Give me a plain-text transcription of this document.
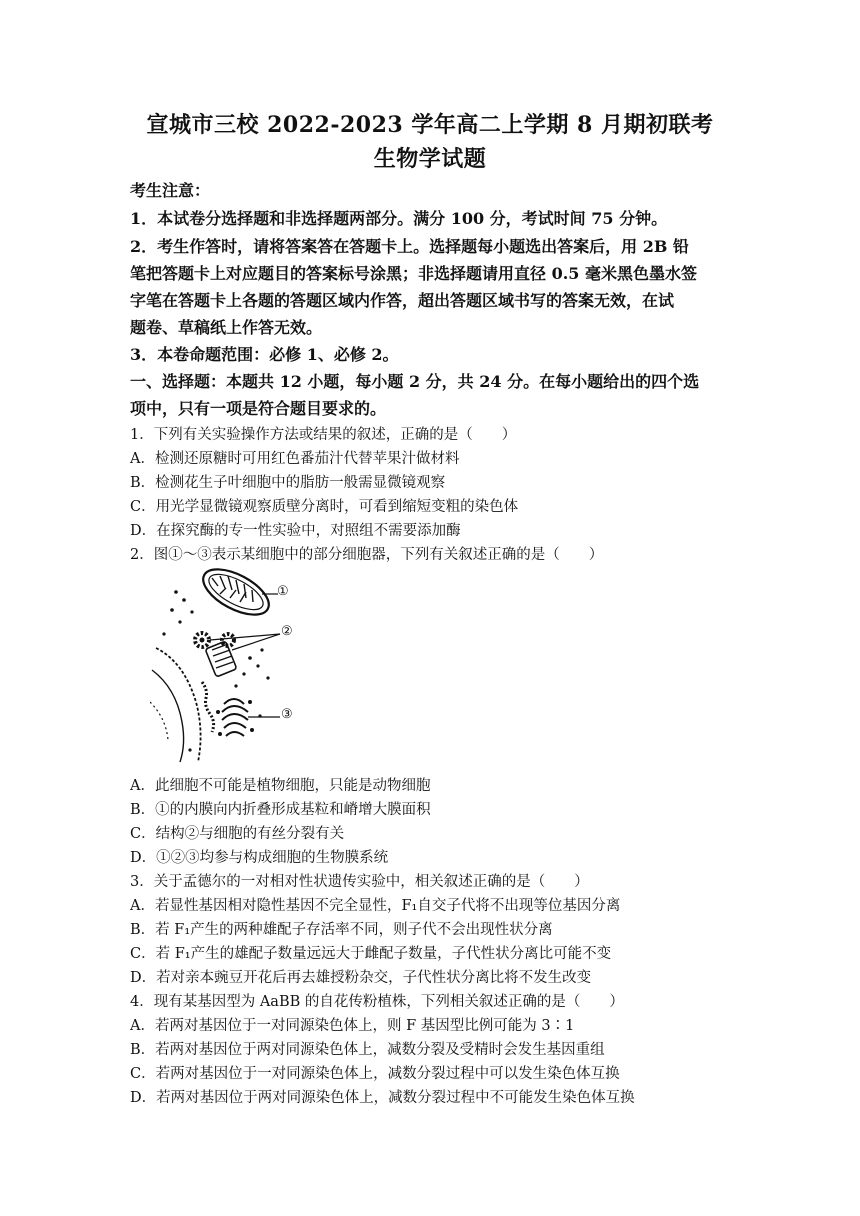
宣城市三校 2022-2023 学年高二上学期 8 月期初联考
生物学试题
考生注意：
1．本试卷分选择题和非选择题两部分。满分 100 分，考试时间 75 分钟。
2．考生作答时，请将答案答在答题卡上。选择题每小题选出答案后，用 2B 铅
笔把答题卡上对应题目的答案标号涂黑；非选择题请用直径 0.5 毫米黑色墨水签
字笔在答题卡上各题的答题区域内作答，超出答题区域书写的答案无效，在试
题卷、草稿纸上作答无效。
3．本卷命题范围：必修 1、必修 2。
一、选择题：本题共 12 小题，每小题 2 分，共 24 分。在每小题给出的四个选
项中，只有一项是符合题目要求的。
1．下列有关实验操作方法或结果的叙述，正确的是（　　）
A．检测还原糖时可用红色番茄汁代替苹果汁做材料
B．检测花生子叶细胞中的脂肪一般需显微镜观察
C．用光学显微镜观察质壁分离时，可看到缩短变粗的染色体
D．在探究酶的专一性实验中，对照组不需要添加酶
2．图①～③表示某细胞中的部分细胞器，下列有关叙述正确的是（　　）
①
②
③
A．此细胞不可能是植物细胞，只能是动物细胞
B．①的内膜向内折叠形成基粒和嵴增大膜面积
C．结构②与细胞的有丝分裂有关
D．①②③均参与构成细胞的生物膜系统
3．关于孟德尔的一对相对性状遗传实验中，相关叙述正确的是（　　）
A．若显性基因相对隐性基因不完全显性，F₁自交子代将不出现等位基因分离
B．若 F₁产生的两种雄配子存活率不同，则子代不会出现性状分离
C．若 F₁产生的雄配子数量远远大于雌配子数量，子代性状分离比可能不变
D．若对亲本豌豆开花后再去雄授粉杂交，子代性状分离比将不发生改变
4．现有某基因型为 AaBB 的自花传粉植株，下列相关叙述正确的是（　　）
A．若两对基因位于一对同源染色体上，则 F 基因型比例可能为 3∶1
B．若两对基因位于两对同源染色体上，减数分裂及受精时会发生基因重组
C．若两对基因位于一对同源染色体上，减数分裂过程中可以发生染色体互换
D．若两对基因位于两对同源染色体上，减数分裂过程中不可能发生染色体互换
